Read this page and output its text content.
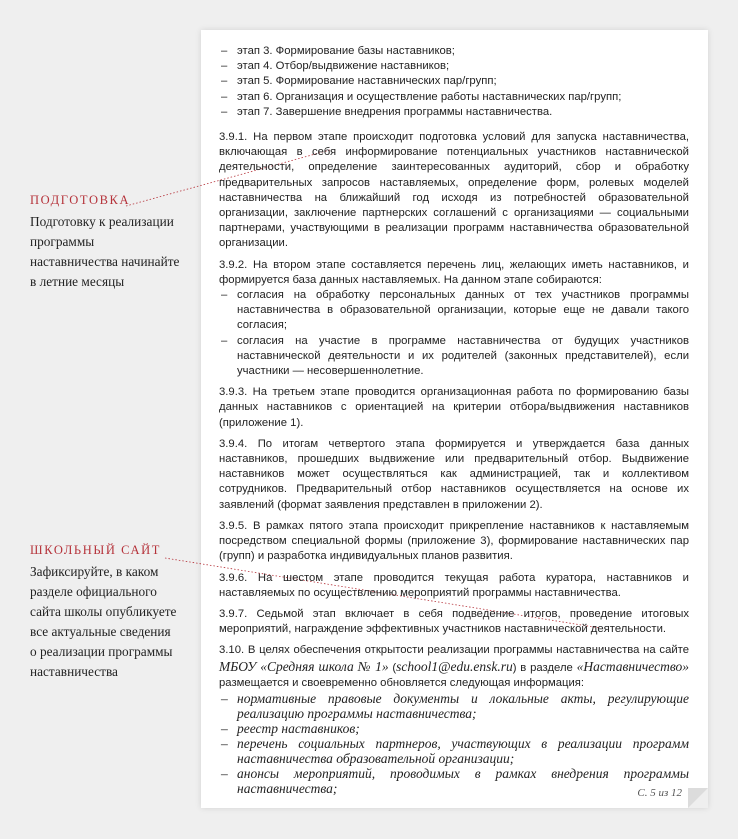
ПОДГОТОВКА
Подготовку к реализации программы наставничества начинайте в летние месяцы
ШКОЛЬНЫЙ САЙТ
Зафиксируйте, в каком разделе официального сайта школы опубликуете все актуальные сведения о реализации программы наставничества
– этап 3. Формирование базы наставников;
– этап 4. Отбор/выдвижение наставников;
– этап 5. Формирование наставнических пар/групп;
– этап 6. Организация и осуществление работы наставнических пар/групп;
– этап 7. Завершение внедрения программы наставничества.

3.9.1. На первом этапе происходит подготовка условий для запуска наставничества, включающая в себя информирование потенциальных участников наставнической деятельности, определение заинтересованных аудиторий, сбор и обработку предварительных запросов наставляемых, определение форм, ролевых моделей наставничества на ближайший год исходя из потребностей образовательной организации, заключение партнерских соглашений с организациями — социальными партнерами, участвующими в реализации программ наставничества образовательной организации.

3.9.2. На втором этапе составляется перечень лиц, желающих иметь наставников, и формируется база данных наставляемых. На данном этапе собираются:

– согласия на обработку персональных данных от тех участников программы наставничества в образовательной организации, которые еще не давали такого согласия;
– согласия на участие в программе наставничества от будущих участников наставнической деятельности и их родителей (законных представителей), если участники — несовершеннолетние.

3.9.3. На третьем этапе проводится организационная работа по формированию базы данных наставников с ориентацией на критерии отбора/выдвижения наставников (приложение 1).

3.9.4. По итогам четвертого этапа формируется и утверждается база данных наставников, прошедших выдвижение или предварительный отбор. Выдвижение наставников может осуществляться как администрацией, так и коллективом сотрудников. Предварительный отбор наставников осуществляется на основе их заявлений (формат заявления представлен в приложении 2).

3.9.5. В рамках пятого этапа происходит прикрепление наставников к наставляемым посредством специальной формы (приложение 3), формирование наставнических пар (групп) и разработка индивидуальных планов развития.

3.9.6. На шестом этапе проводится текущая работа куратора, наставников и наставляемых по осуществлению мероприятий программы наставничества.

3.9.7. Седьмой этап включает в себя подведение итогов, проведение итоговых мероприятий, награждение эффективных участников наставнической деятельности.

3.10. В целях обеспечения открытости реализации программы наставничества на сайте МБОУ «Средняя школа № 1» (school1@edu.ensk.ru) в разделе «Наставничество» размещается и своевременно обновляется следующая информация:

– нормативные правовые документы и локальные акты, регулирующие реализацию программы наставничества;
– реестр наставников;
– перечень социальных партнеров, участвующих в реализации программ наставничества образовательной организации;
– анонсы мероприятий, проводимых в рамках внедрения программы наставничества;	С. 5 из 12
